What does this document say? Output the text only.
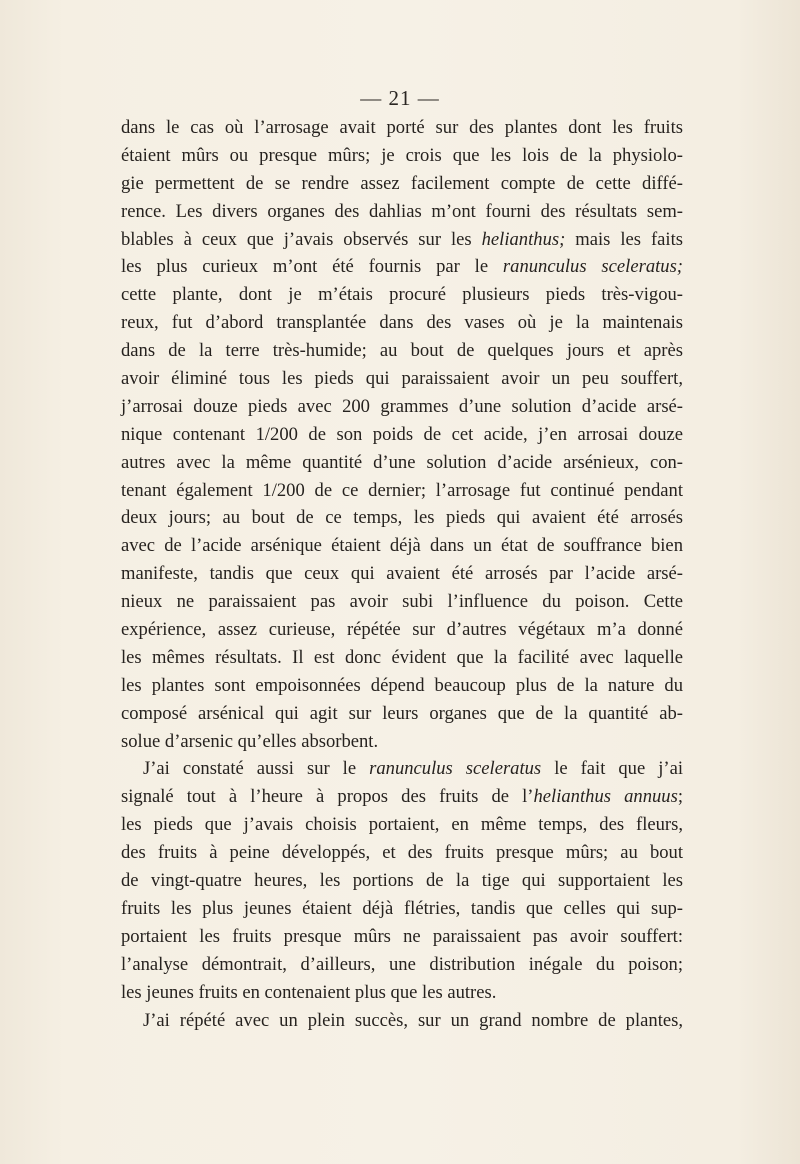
— 21 —
dans le cas où l’arrosage avait porté sur des plantes dont les fruits
étaient mûrs ou presque mûrs; je crois que les lois de la physiolo-
gie permettent de se rendre assez facilement compte de cette diffé-
rence. Les divers organes des dahlias m’ont fourni des résultats sem-
blables à ceux que j’avais observés sur les helianthus; mais les faits
les plus curieux m’ont été fournis par le ranunculus sceleratus;
cette plante, dont je m’étais procuré plusieurs pieds très-vigou-
reux, fut d’abord transplantée dans des vases où je la maintenais
dans de la terre très-humide; au bout de quelques jours et après
avoir éliminé tous les pieds qui paraissaient avoir un peu souffert,
j’arrosai douze pieds avec 200 grammes d’une solution d’acide arsé-
nique contenant 1/200 de son poids de cet acide, j’en arrosai douze
autres avec la même quantité d’une solution d’acide arsénieux, con-
tenant également 1/200 de ce dernier; l’arrosage fut continué pendant
deux jours; au bout de ce temps, les pieds qui avaient été arrosés
avec de l’acide arsénique étaient déjà dans un état de souffrance bien
manifeste, tandis que ceux qui avaient été arrosés par l’acide arsé-
nieux ne paraissaient pas avoir subi l’influence du poison. Cette
expérience, assez curieuse, répétée sur d’autres végétaux m’a donné
les mêmes résultats. Il est donc évident que la facilité avec laquelle
les plantes sont empoisonnées dépend beaucoup plus de la nature du
composé arsénical qui agit sur leurs organes que de la quantité ab-
solue d’arsenic qu’elles absorbent.
J’ai constaté aussi sur le ranunculus sceleratus le fait que j’ai
signalé tout à l’heure à propos des fruits de l’helianthus annuus;
les pieds que j’avais choisis portaient, en même temps, des fleurs,
des fruits à peine développés, et des fruits presque mûrs; au bout
de vingt-quatre heures, les portions de la tige qui supportaient les
fruits les plus jeunes étaient déjà flétries, tandis que celles qui sup-
portaient les fruits presque mûrs ne paraissaient pas avoir souffert:
l’analyse démontrait, d’ailleurs, une distribution inégale du poison;
les jeunes fruits en contenaient plus que les autres.
J’ai répété avec un plein succès, sur un grand nombre de plantes,
